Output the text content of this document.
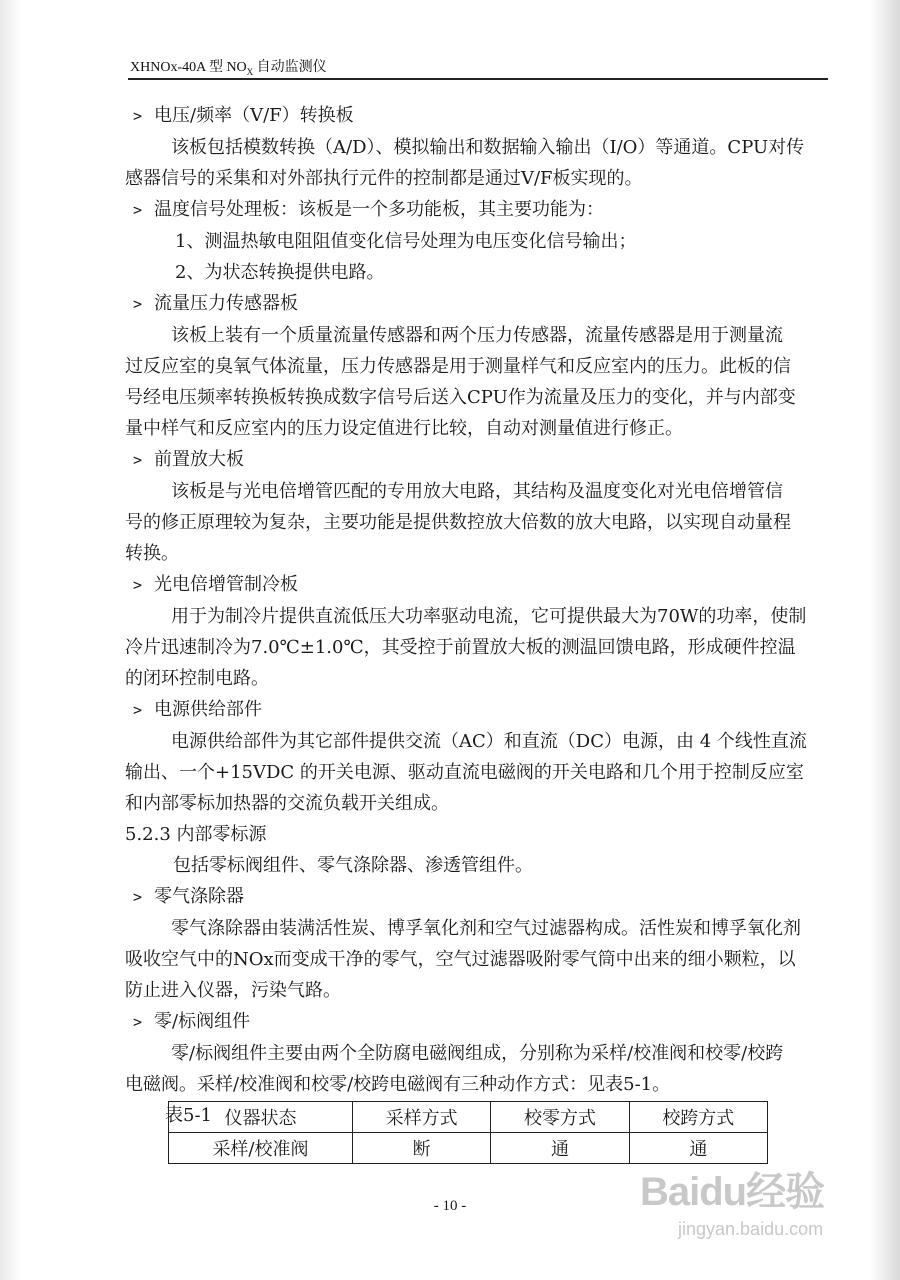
XHNOx-40A 型 $NO_X$ 自动监测仪
> 电压/频率（V/F）转换板
该板包括模数转换（A/D）、模拟输出和数据输入输出（I/O）等通道。CPU对传
感器信号的采集和对外部执行元件的控制都是通过V/F板实现的。
> 温度信号处理板：该板是一个多功能板，其主要功能为：
1、测温热敏电阻阻值变化信号处理为电压变化信号输出；
2、为状态转换提供电路。
> 流量压力传感器板
该板上装有一个质量流量传感器和两个压力传感器，流量传感器是用于测量流
过反应室的臭氧气体流量，压力传感器是用于测量样气和反应室内的压力。此板的信
号经电压频率转换板转换成数字信号后送入CPU作为流量及压力的变化，并与内部变
量中样气和反应室内的压力设定值进行比较，自动对测量值进行修正。
> 前置放大板
该板是与光电倍增管匹配的专用放大电路，其结构及温度变化对光电倍增管信
号的修正原理较为复杂，主要功能是提供数控放大倍数的放大电路，以实现自动量程
转换。
> 光电倍增管制冷板
用于为制冷片提供直流低压大功率驱动电流，它可提供最大为70W的功率，使制
冷片迅速制冷为7.0℃±1.0℃，其受控于前置放大板的测温回馈电路，形成硬件控温
的闭环控制电路。
> 电源供给部件
电源供给部件为其它部件提供交流（AC）和直流（DC）电源，由 4 个线性直流
输出、一个+15VDC 的开关电源、驱动直流电磁阀的开关电路和几个用于控制反应室
和内部零标加热器的交流负载开关组成。
5.2.3 内部零标源
包括零标阀组件、零气涤除器、渗透管组件。
> 零气涤除器
零气涤除器由装满活性炭、博孚氧化剂和空气过滤器构成。活性炭和博孚氧化剂
吸收空气中的NOx而变成干净的零气，空气过滤器吸附零气筒中出来的细小颗粒，以
防止进入仪器，污染气路。
> 零/标阀组件
零/标阀组件主要由两个全防腐电磁阀组成，分别称为采样/校准阀和校零/校跨
电磁阀。采样/校准阀和校零/校跨电磁阀有三种动作方式：见表5-1。
表5-1 仪器状态	采样方式	校零方式	校跨方式
采样/校准阀	断	通	通
- 10 -	Baidu经验
jingyan.baidu.com
